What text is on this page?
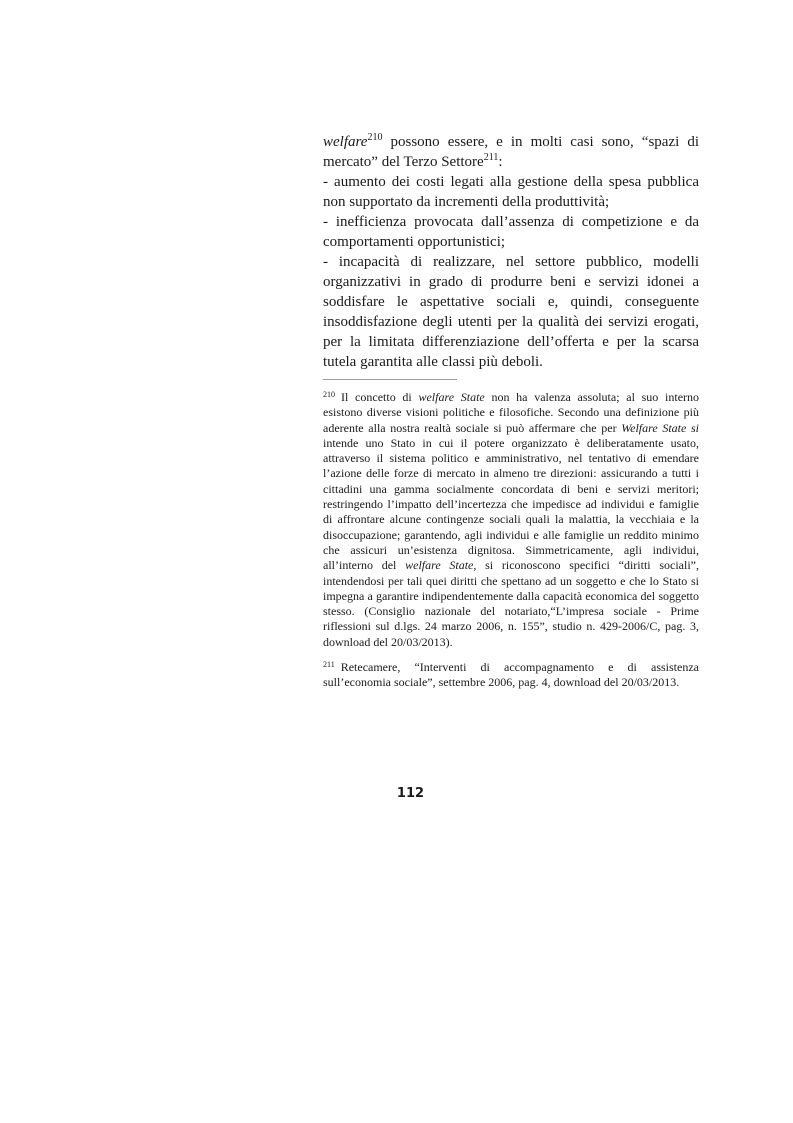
welfare$^{210}$ possono essere, e in molti casi sono, “spazi di mercato” del Terzo Settore$^{211}$:

- aumento dei costi legati alla gestione della spesa pubblica non supportato da incrementi della produttività;

- inefficienza provocata dall’assenza di competizione e da comportamenti opportunistici;

- incapacità di realizzare, nel settore pubblico, modelli organizzativi in grado di produrre beni e servizi idonei a soddisfare le aspettative sociali e, quindi, conseguente insoddisfazione degli utenti per la qualità dei servizi erogati, per la limitata differenziazione dell’offerta e per la scarsa tutela garantita alle classi più deboli.

$^{210}$ Il concetto di welfare State non ha valenza assoluta; al suo interno esistono diverse visioni politiche e filosofiche. Secondo una definizione più aderente alla nostra realtà sociale si può affermare che per Welfare State si intende uno Stato in cui il potere organizzato è deliberatamente usato, attraverso il sistema politico e amministrativo, nel tentativo di emendare l’azione delle forze di mercato in almeno tre direzioni: assicurando a tutti i cittadini una gamma socialmente concordata di beni e servizi meritori; restringendo l’impatto dell’incertezza che impedisce ad individui e famiglie di affrontare alcune contingenze sociali quali la malattia, la vecchiaia e la disoccupazione; garantendo, agli individui e alle famiglie un reddito minimo che assicuri un’esistenza dignitosa. Simmetricamente, agli individui, all’interno del welfare State, si riconoscono specifici “diritti sociali”, intendendosi per tali quei diritti che spettano ad un soggetto e che lo Stato si impegna a garantire indipendentemente dalla capacità economica del soggetto stesso. (Consiglio nazionale del notariato,“L’impresa sociale - Prime riflessioni sul d.lgs. 24 marzo 2006, n. 155”, studio n. 429-2006/C, pag. 3, download del 20/03/2013).

$^{211}$ Retecamere, “Interventi di accompagnamento e di assistenza sull’economia sociale”, settembre 2006, pag. 4, download del 20/03/2013.

112
